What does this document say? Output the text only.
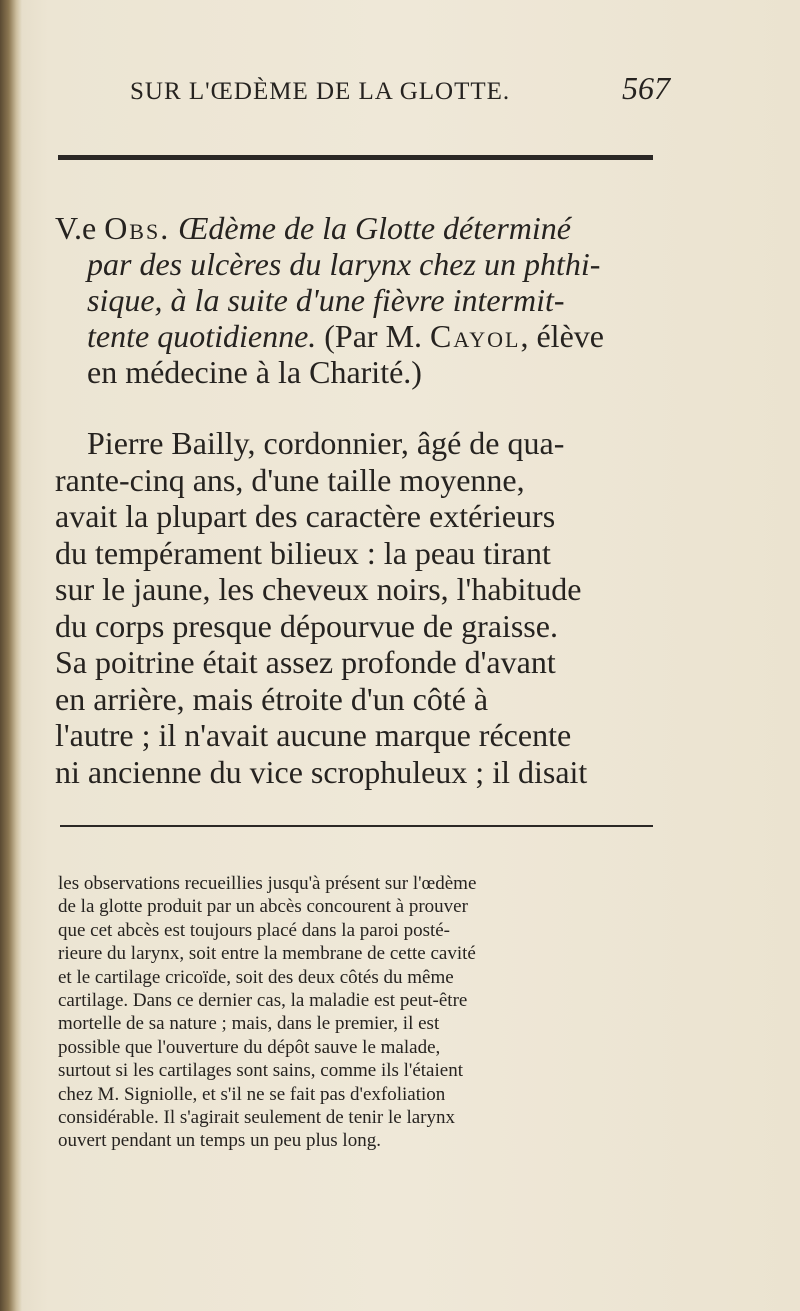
SUR L'ŒDÈME DE LA GLOTTE.	567
V.e Obs. Œdème de la Glotte déterminé
par des ulcères du larynx chez un phthi-
sique, à la suite d'une fièvre intermit-
tente quotidienne. (Par M. Cayol, élève
en médecine à la Charité.)
Pierre Bailly, cordonnier, âgé de qua-
rante-cinq ans, d'une taille moyenne,
avait la plupart des caractère extérieurs
du tempérament bilieux : la peau tirant
sur le jaune, les cheveux noirs, l'habitude
du corps presque dépourvue de graisse.
Sa poitrine était assez profonde d'avant
en arrière, mais étroite d'un côté à
l'autre ; il n'avait aucune marque récente
ni ancienne du vice scrophuleux ; il disait
les observations recueillies jusqu'à présent sur l'œdème
de la glotte produit par un abcès concourent à prouver
que cet abcès est toujours placé dans la paroi posté-
rieure du larynx, soit entre la membrane de cette cavité
et le cartilage cricoïde, soit des deux côtés du même
cartilage. Dans ce dernier cas, la maladie est peut-être
mortelle de sa nature ; mais, dans le premier, il est
possible que l'ouverture du dépôt sauve le malade,
surtout si les cartilages sont sains, comme ils l'étaient
chez M. Signiolle, et s'il ne se fait pas d'exfoliation
considérable. Il s'agirait seulement de tenir le larynx
ouvert pendant un temps un peu plus long.
